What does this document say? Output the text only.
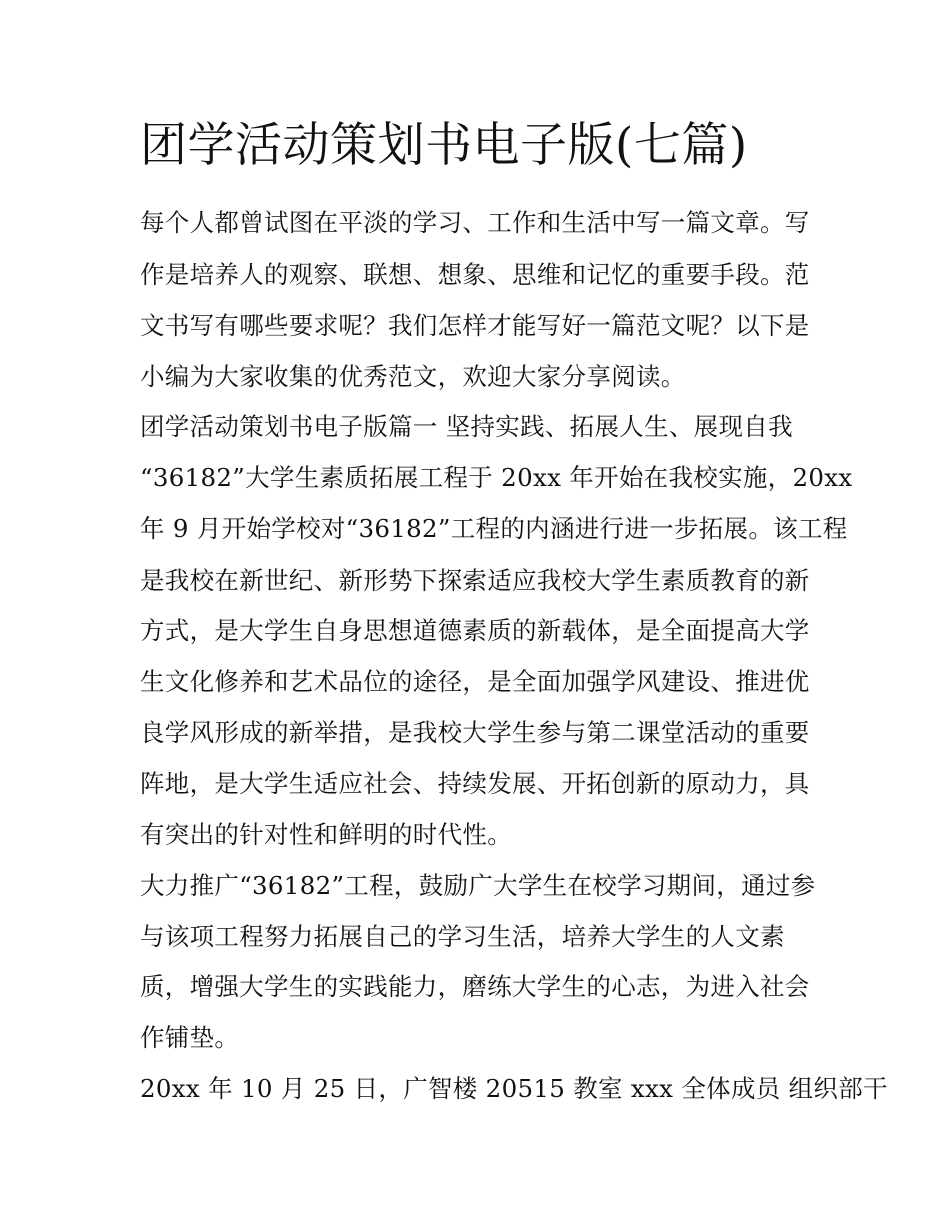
团学活动策划书电子版(七篇)

每个人都曾试图在平淡的学习、工作和生活中写一篇文章。写

作是培养人的观察、联想、想象、思维和记忆的重要手段。范

文书写有哪些要求呢？我们怎样才能写好一篇范文呢？以下是

小编为大家收集的优秀范文，欢迎大家分享阅读。

团学活动策划书电子版篇一 坚持实践、拓展人生、展现自我

“36182”大学生素质拓展工程于 20xx 年开始在我校实施，20xx

年 9 月开始学校对“36182”工程的内涵进行进一步拓展。该工程

是我校在新世纪、新形势下探索适应我校大学生素质教育的新

方式，是大学生自身思想道德素质的新载体，是全面提高大学

生文化修养和艺术品位的途径，是全面加强学风建设、推进优

良学风形成的新举措，是我校大学生参与第二课堂活动的重要

阵地，是大学生适应社会、持续发展、开拓创新的原动力，具

有突出的针对性和鲜明的时代性。

大力推广“36182”工程，鼓励广大学生在校学习期间，通过参

与该项工程努力拓展自己的学习生活，培养大学生的人文素

质，增强大学生的实践能力，磨练大学生的心志，为进入社会

作铺垫。

20xx 年 10 月 25 日，广智楼 20515 教室 xxx 全体成员 组织部干
